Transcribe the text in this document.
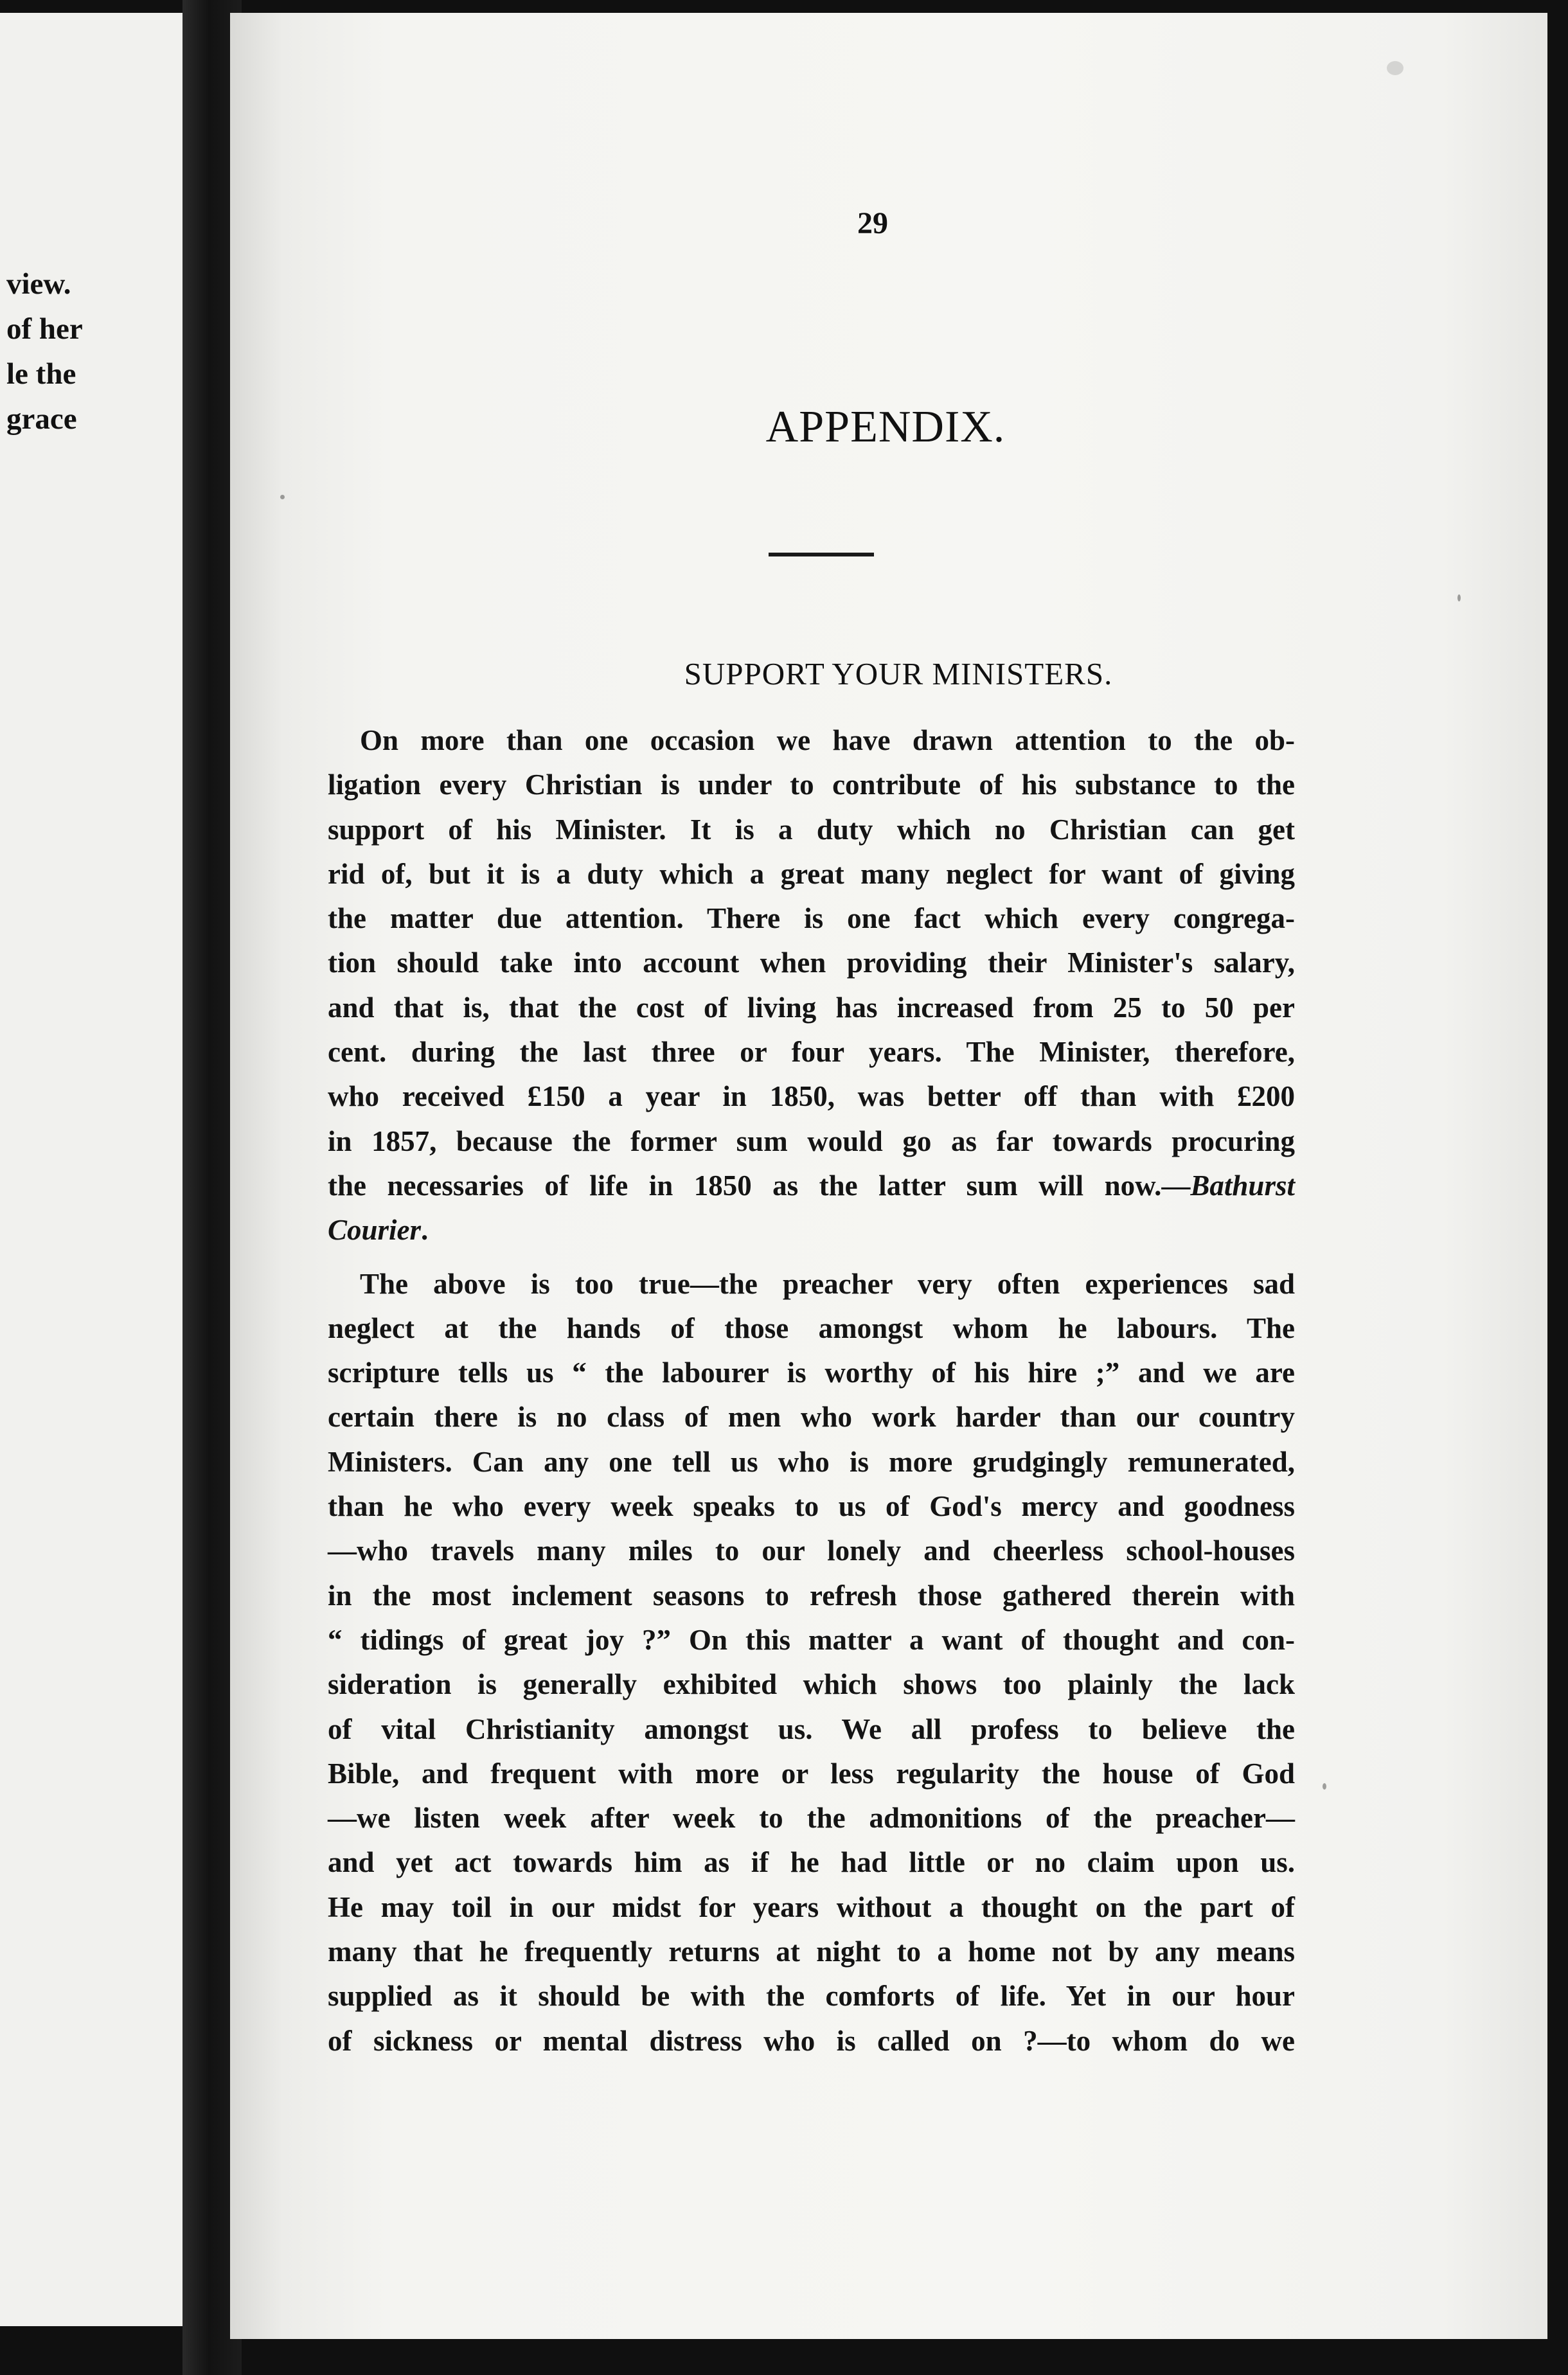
view.
of her
le the
grace
29
APPENDIX.
SUPPORT YOUR MINISTERS.
On more than one occasion we have drawn attention to the ob-
ligation every Christian is under to contribute of his substance to the
support of his Minister. It is a duty which no Christian can get
rid of, but it is a duty which a great many neglect for want of giving
the matter due attention. There is one fact which every congrega-
tion should take into account when providing their Minister's salary,
and that is, that the cost of living has increased from 25 to 50 per
cent. during the last three or four years. The Minister, therefore,
who received £150 a year in 1850, was better off than with £200
in 1857, because the former sum would go as far towards procuring
the necessaries of life in 1850 as the latter sum will now.—Bathurst
Courier.
The above is too true—the preacher very often experiences sad
neglect at the hands of those amongst whom he labours. The
scripture tells us “ the labourer is worthy of his hire ;” and we are
certain there is no class of men who work harder than our country
Ministers. Can any one tell us who is more grudgingly remunerated,
than he who every week speaks to us of God's mercy and goodness
—who travels many miles to our lonely and cheerless school-houses
in the most inclement seasons to refresh those gathered therein with
“ tidings of great joy ?” On this matter a want of thought and con-
sideration is generally exhibited which shows too plainly the lack
of vital Christianity amongst us. We all profess to believe the
Bible, and frequent with more or less regularity the house of God
—we listen week after week to the admonitions of the preacher—
and yet act towards him as if he had little or no claim upon us.
He may toil in our midst for years without a thought on the part of
many that he frequently returns at night to a home not by any means
supplied as it should be with the comforts of life. Yet in our hour
of sickness or mental distress who is called on ?—to whom do we
